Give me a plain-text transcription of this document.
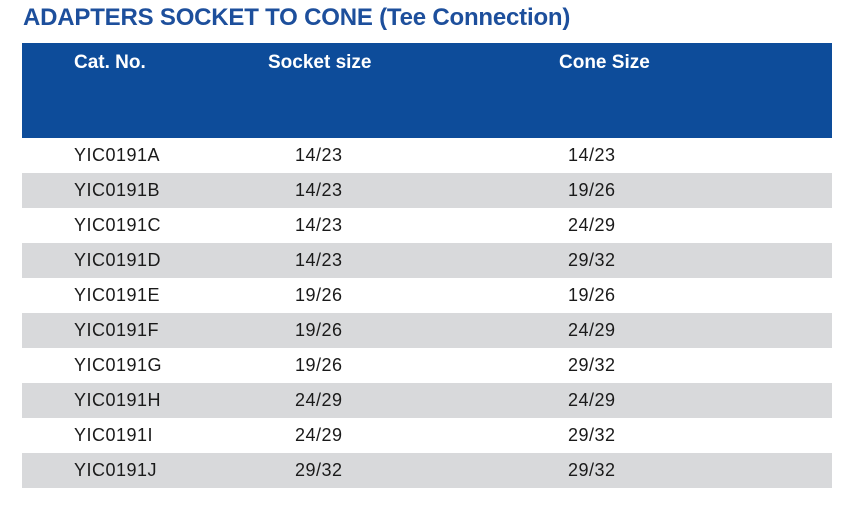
ADAPTERS SOCKET TO CONE (Tee Connection)
Cat. No.	Socket size	Cone Size
YIC0191A	14/23	14/23
YIC0191B	14/23	19/26
YIC0191C	14/23	24/29
YIC0191D	14/23	29/32
YIC0191E	19/26	19/26
YIC0191F	19/26	24/29
YIC0191G	19/26	29/32
YIC0191H	24/29	24/29
YIC0191I	24/29	29/32
YIC0191J	29/32	29/32
